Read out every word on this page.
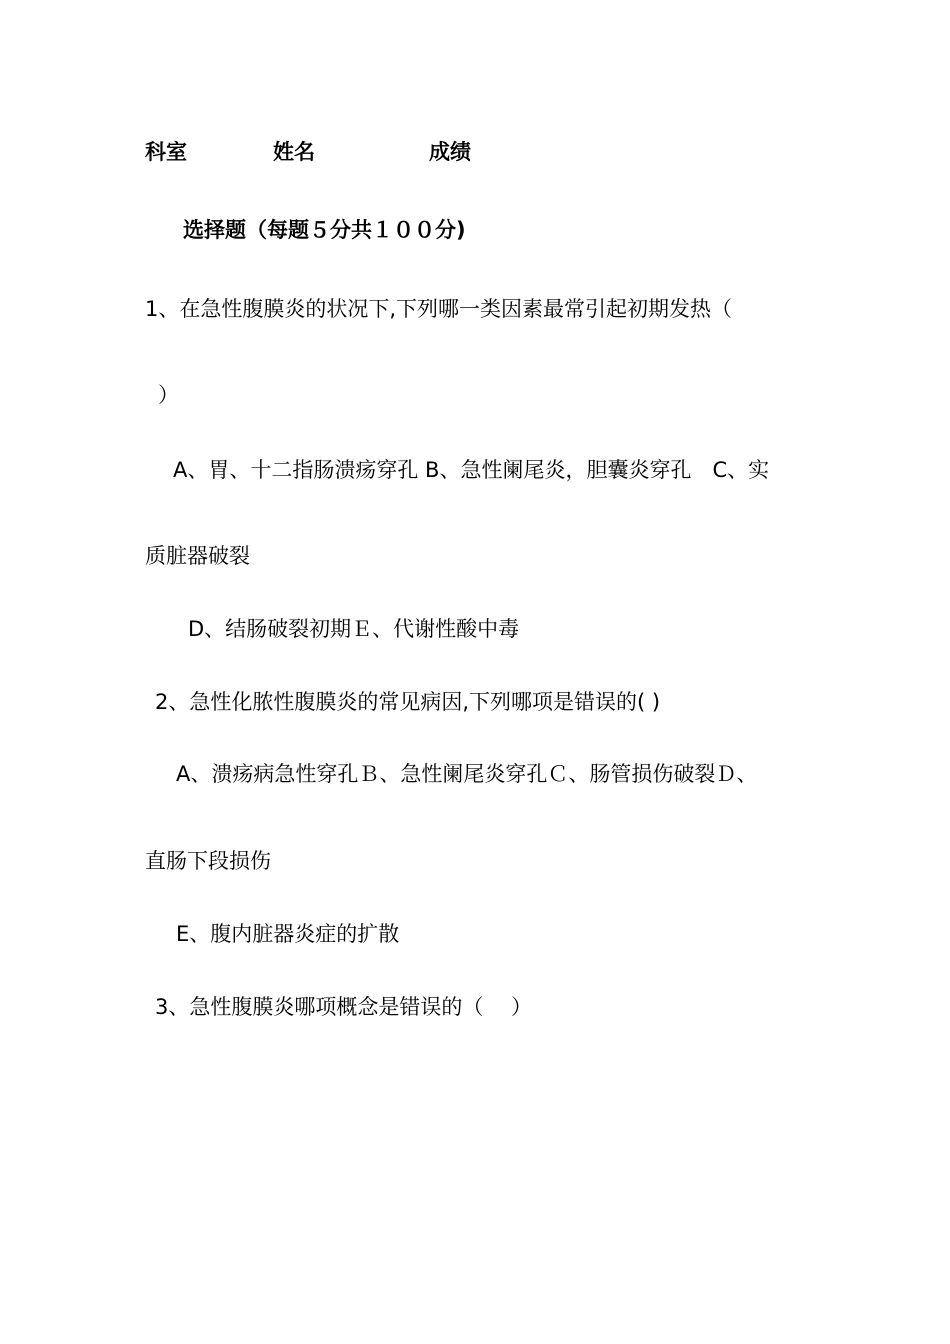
科室	姓名	成绩
选择题（每题５分共１００分)
1、在急性腹膜炎的状况下,下列哪一类因素最常引起初期发热（
）
A、胃、十二指肠溃疡穿孔 B、急性阑尾炎，胆囊炎穿孔　C、实
质脏器破裂
D、结肠破裂初期Ｅ、代谢性酸中毒
2、急性化脓性腹膜炎的常见病因,下列哪项是错误的( )
A、溃疡病急性穿孔Ｂ、急性阑尾炎穿孔Ｃ、肠管损伤破裂Ｄ、
直肠下段损伤
E、腹内脏器炎症的扩散
3、急性腹膜炎哪项概念是错误的（　 ）
